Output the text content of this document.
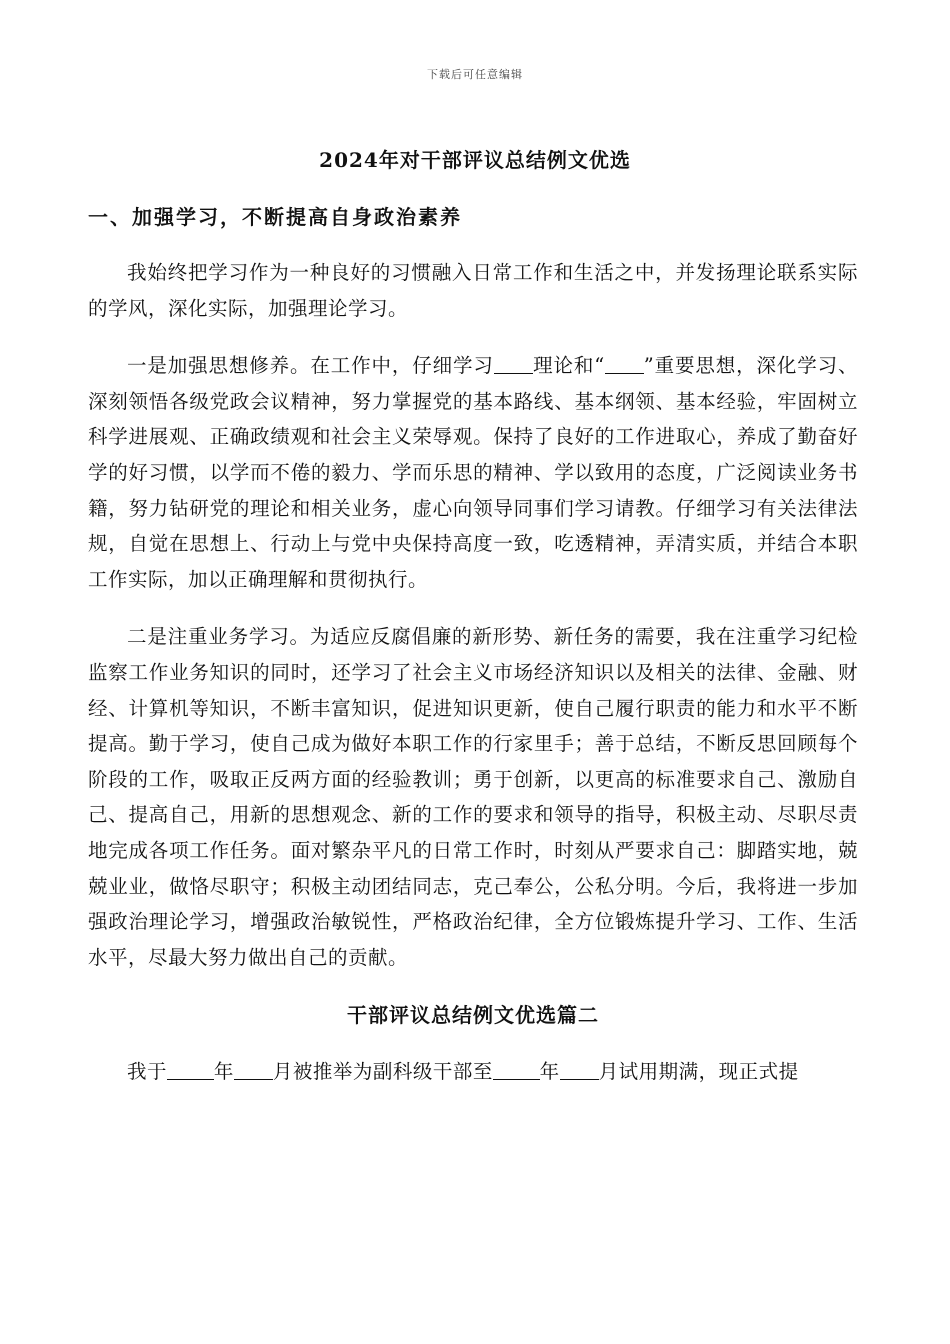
下载后可任意编辑
2024年对干部评议总结例文优选
一、加强学习，不断提高自身政治素养

我始终把学习作为一种良好的习惯融入日常工作和生活之中，并发扬理论联系实际的学风，深化实际，加强理论学习。

一是加强思想修养。在工作中，仔细学习 理论和“ ”重要思想，深化学习、深刻领悟各级党政会议精神，努力掌握党的基本路线、基本纲领、基本经验，牢固树立科学进展观、正确政绩观和社会主义荣辱观。保持了良好的工作进取心，养成了勤奋好学的好习惯，以学而不倦的毅力、学而乐思的精神、学以致用的态度，广泛阅读业务书籍，努力钻研党的理论和相关业务，虚心向领导同事们学习请教。仔细学习有关法律法规，自觉在思想上、行动上与党中央保持高度一致，吃透精神，弄清实质，并结合本职工作实际，加以正确理解和贯彻执行。

二是注重业务学习。为适应反腐倡廉的新形势、新任务的需要，我在注重学习纪检监察工作业务知识的同时，还学习了社会主义市场经济知识以及相关的法律、金融、财经、计算机等知识，不断丰富知识，促进知识更新，使自己履行职责的能力和水平不断提高。勤于学习，使自己成为做好本职工作的行家里手；善于总结，不断反思回顾每个阶段的工作，吸取正反两方面的经验教训；勇于创新，以更高的标准要求自己、激励自己、提高自己，用新的思想观念、新的工作的要求和领导的指导，积极主动、尽职尽责地完成各项工作任务。面对繁杂平凡的日常工作时，时刻从严要求自己：脚踏实地，兢兢业业，做恪尽职守；积极主动团结同志，克己奉公，公私分明。今后，我将进一步加强政治理论学习，增强政治敏锐性，严格政治纪律，全方位锻炼提升学习、工作、生活水平，尽最大努力做出自己的贡献。

干部评议总结例文优选篇二

我于 年 月被推举为副科级干部至 年 月试用期满，现正式提
